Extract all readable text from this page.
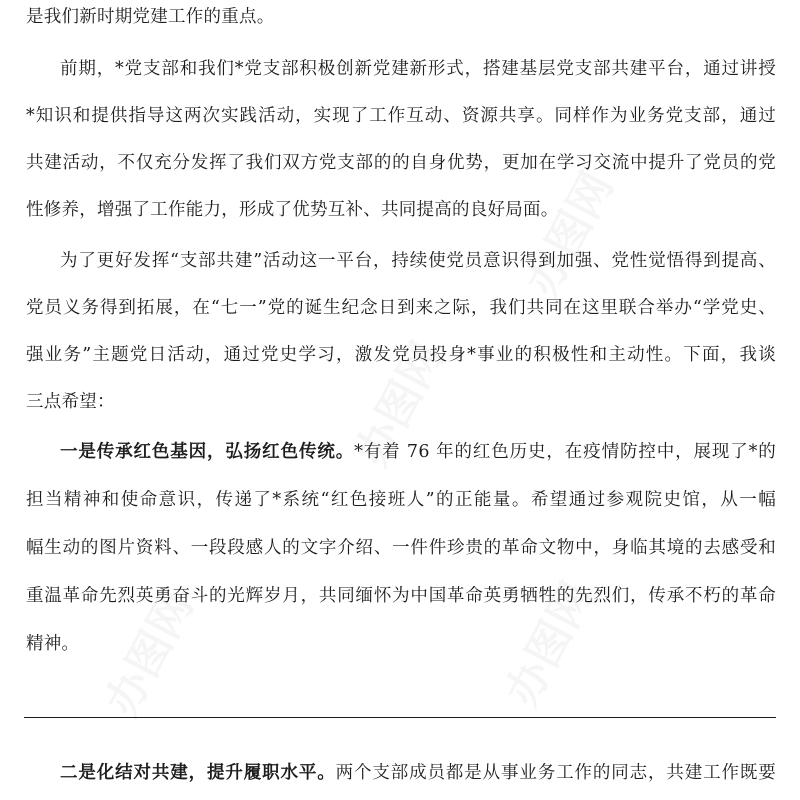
办图网
办图网
办图网
办图网
是我们新时期党建工作的重点。
前期，*党支部和我们*党支部积极创新党建新形式，搭建基层党支部共建平台，通过讲授
*知识和提供指导这两次实践活动，实现了工作互动、资源共享。同样作为业务党支部，通过
共建活动，不仅充分发挥了我们双方党支部的的自身优势，更加在学习交流中提升了党员的党
性修养，增强了工作能力，形成了优势互补、共同提高的良好局面。
为了更好发挥“支部共建”活动这一平台，持续使党员意识得到加强、党性觉悟得到提高、
党员义务得到拓展，在“七一”党的诞生纪念日到来之际，我们共同在这里联合举办“学党史、
强业务”主题党日活动，通过党史学习，激发党员投身*事业的积极性和主动性。下面，我谈
三点希望：
一是传承红色基因，弘扬红色传统。*有着 76 年的红色历史，在疫情防控中，展现了*的
担当精神和使命意识，传递了*系统“红色接班人”的正能量。希望通过参观院史馆，从一幅
幅生动的图片资料、一段段感人的文字介绍、一件件珍贵的革命文物中，身临其境的去感受和
重温革命先烈英勇奋斗的光辉岁月，共同缅怀为中国革命英勇牺牲的先烈们，传承不朽的革命
精神。
二是化结对共建，提升履职水平。两个支部成员都是从事业务工作的同志，共建工作既要
